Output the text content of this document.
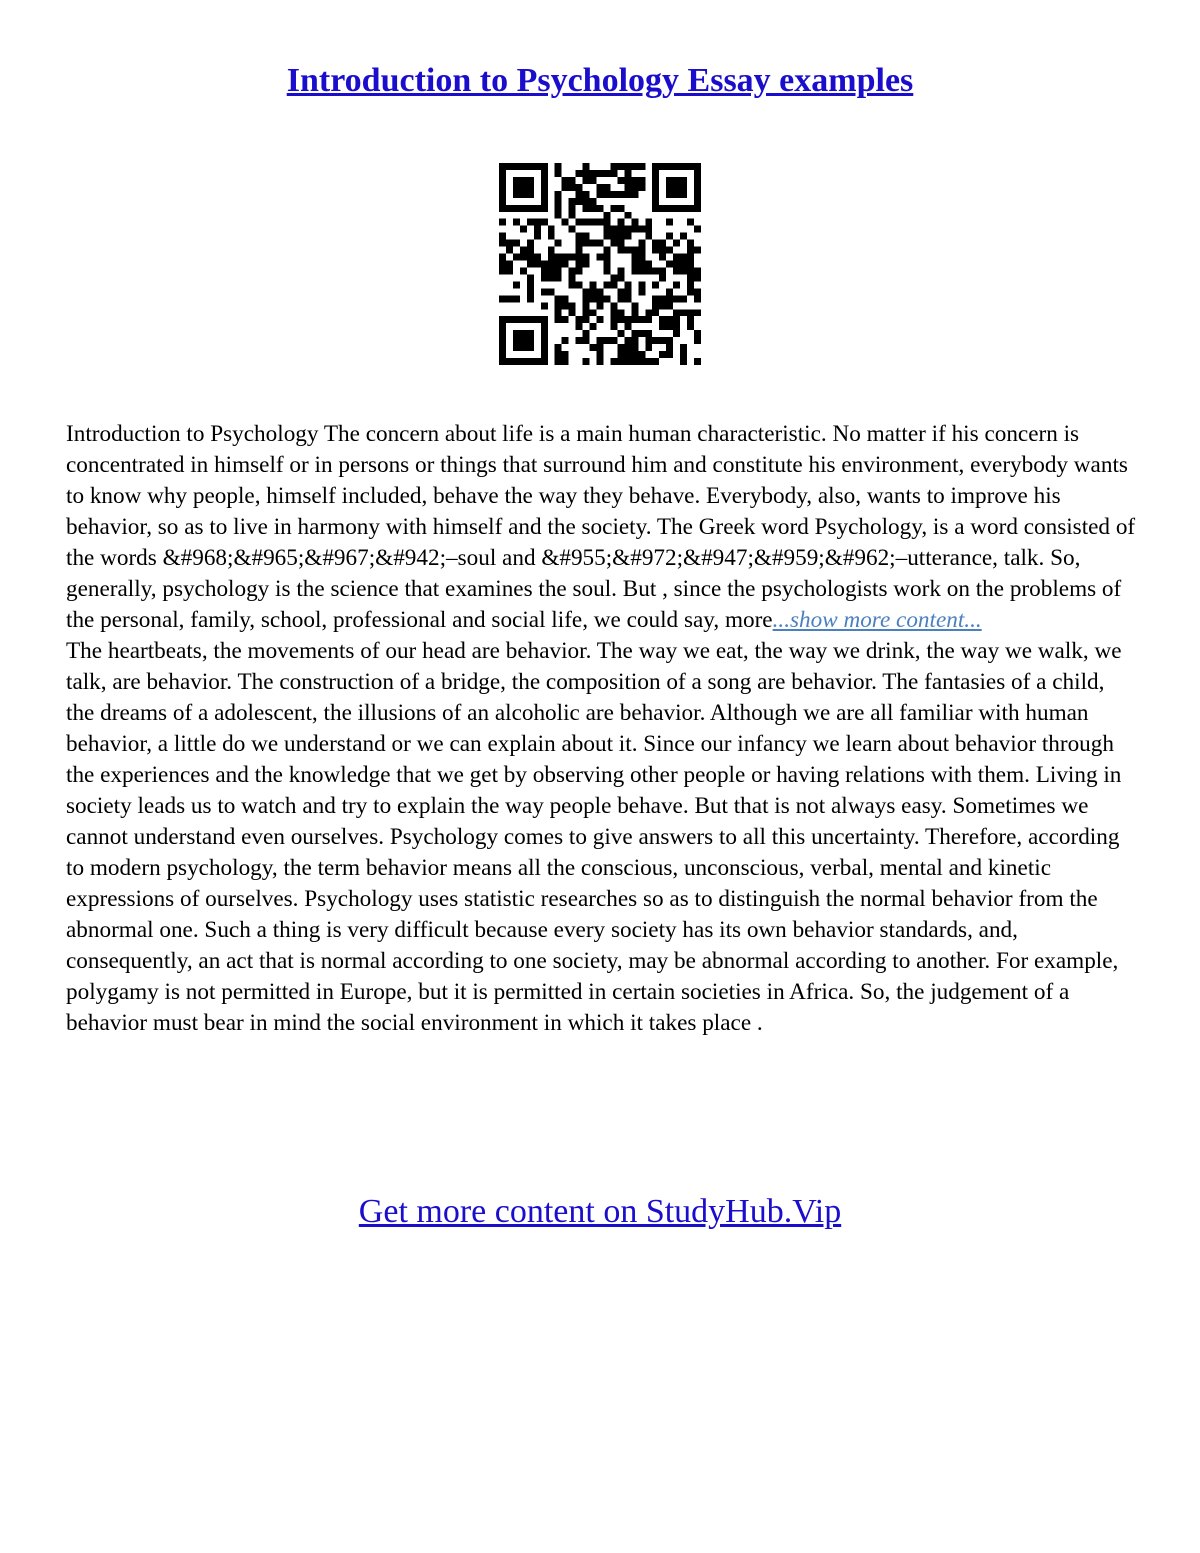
Introduction to Psychology Essay examples

Introduction to Psychology The concern about life is a main human characteristic. No matter if his concern is concentrated in himself or in persons or things that surround him and constitute his environment, everybody wants to know why people, himself included, behave the way they behave. Everybody, also, wants to improve his behavior, so as to live in harmony with himself and the society. The Greek word Psychology, is a word consisted of the words &#968;&#965;&#967;&#942;–soul and &#955;&#972;&#947;&#959;&#962;–utterance, talk. So, generally, psychology is the science that examines the soul. But , since the psychologists work on the problems of the personal, family, school, professional and social life, we could say, more...show more content...

The heartbeats, the movements of our head are behavior. The way we eat, the way we drink, the way we walk, we talk, are behavior. The construction of a bridge, the composition of a song are behavior. The fantasies of a child, the dreams of a adolescent, the illusions of an alcoholic are behavior. Although we are all familiar with human behavior, a little do we understand or we can explain about it. Since our infancy we learn about behavior through the experiences and the knowledge that we get by observing other people or having relations with them. Living in society leads us to watch and try to explain the way people behave. But that is not always easy. Sometimes we cannot understand even ourselves. Psychology comes to give answers to all this uncertainty. Therefore, according to modern psychology, the term behavior means all the conscious, unconscious, verbal, mental and kinetic expressions of ourselves. Psychology uses statistic researches so as to distinguish the normal behavior from the abnormal one. Such a thing is very difficult because every society has its own behavior standards, and, consequently, an act that is normal according to one society, may be abnormal according to another. For example, polygamy is not permitted in Europe, but it is permitted in certain societies in Africa. So, the judgement of a behavior must bear in mind the social environment in which it takes place .

Get more content on StudyHub.Vip
